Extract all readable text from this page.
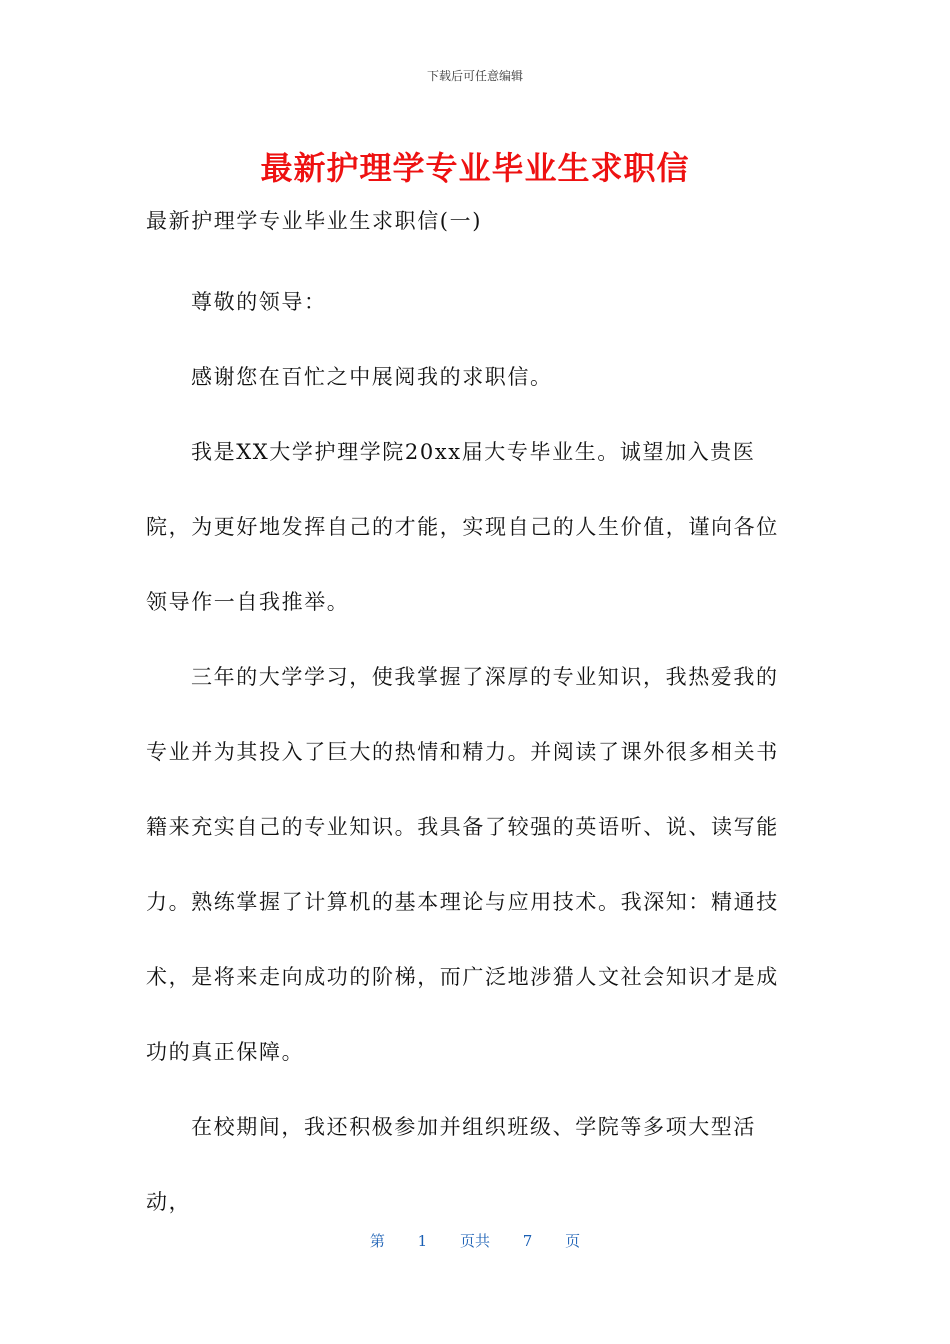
下载后可任意编辑
最新护理学专业毕业生求职信

最新护理学专业毕业生求职信(一)

尊敬的领导：

感谢您在百忙之中展阅我的求职信。

我是XX大学护理学院20xx届大专毕业生。诚望加入贵医院，为更好地发挥自己的才能，实现自己的人生价值，谨向各位领导作一自我推举。

三年的大学学习，使我掌握了深厚的专业知识，我热爱我的专业并为其投入了巨大的热情和精力。并阅读了课外很多相关书籍来充实自己的专业知识。我具备了较强的英语听、说、读写能力。熟练掌握了计算机的基本理论与应用技术。我深知：精通技术，是将来走向成功的阶梯，而广泛地涉猎人文社会知识才是成功的真正保障。

在校期间，我还积极参加并组织班级、学院等多项大型活动，

第 1 页共 7 页
